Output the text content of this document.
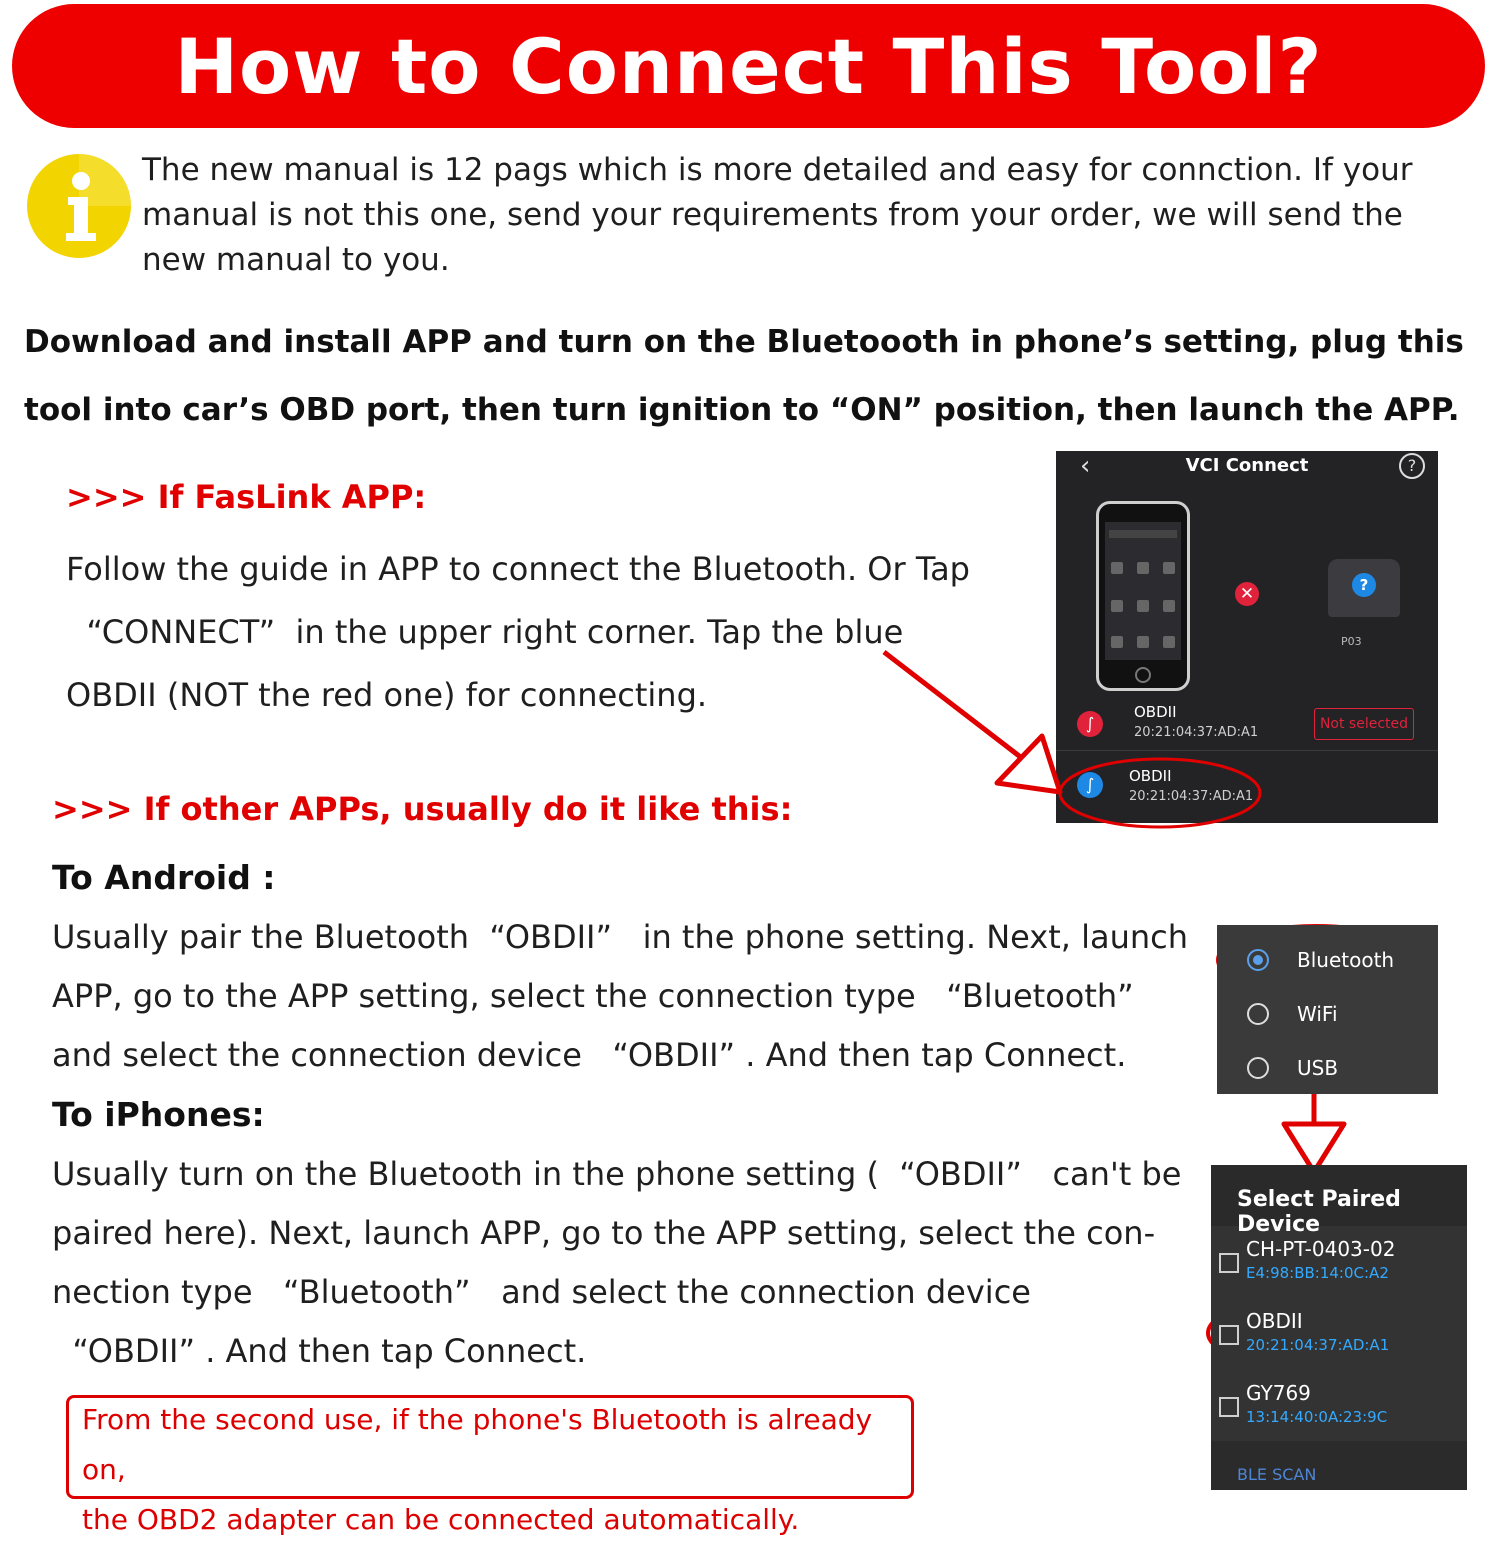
How to Connect This Tool?
The new manual is 12 pags which is more detailed and easy for connction. If your
manual is not this one, send your requirements from your order, we will send the
new manual to you.
Download and install APP and turn on the Bluetoooth in phone’s setting, plug this
tool into car’s OBD port, then turn ignition to “ON” position, then launch the APP.
>>> If FasLink APP:
Follow the guide in APP to connect the Bluetooth. Or Tap
“CONNECT”  in the upper right corner. Tap the blue
OBDII (NOT the red one) for connecting.
‹	VCI Connect	?
✕	?
P03
∫
OBDII
20:21:04:37:AD:A1
Not selected
∫	OBDII
20:21:04:37:AD:A1
>>> If other APPs, usually do it like this:
To Android :
Usually pair the Bluetooth  “OBDII”   in the phone setting. Next, launch
APP, go to the APP setting, select the connection type   “Bluetooth”
and select the connection device   “OBDII” . And then tap Connect.
To iPhones:
Usually turn on the Bluetooth in the phone setting (  “OBDII”   can't be
paired here). Next, launch APP, go to the APP setting, select the con-
nection type   “Bluetooth”   and select the connection device
“OBDII” . And then tap Connect.
From the second use, if the phone's Bluetooth is already on,
the OBD2 adapter can be connected automatically.
Bluetooth
WiFi
USB
Select Paired Device
CH-PT-0403-02
E4:98:BB:14:0C:A2
OBDII
20:21:04:37:AD:A1
GY769
13:14:40:0A:23:9C
BLE SCAN
